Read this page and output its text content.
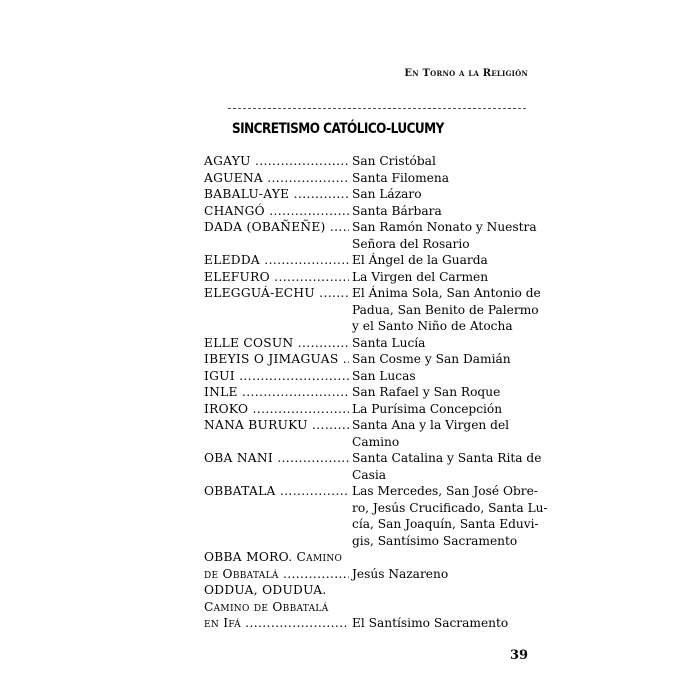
En Torno a la Religión
SINCRETISMO CATÓLICO-LUCUMY
AGAYU .....	San Cristóbal
AGUENA .....	Santa Filomena
BABALU-AYE .....	San Lázaro
CHANGÓ .....	Santa Bárbara
DADA (OBAÑEÑE) .....	San Ramón Nonato y Nuestra
Señora del Rosario
ELEDDA .....	El Ángel de la Guarda
ELEFURO .....	La Virgen del Carmen
ELEGGUÁ-ECHU .....	El Ánima Sola, San Antonio de
Padua, San Benito de Palermo
y el Santo Niño de Atocha
ELLE COSUN .....	Santa Lucía
IBEYIS O JIMAGUAS .....	San Cosme y San Damián
IGUI .....	San Lucas
INLE .....	San Rafael y San Roque
IROKO .....	La Purísima Concepción
NANA BURUKU .....	Santa Ana y la Virgen del
Camino
OBA NANI .....	Santa Catalina y Santa Rita de
Casia
OBBATALA .....	Las Mercedes, San José Obre-
ro, Jesús Crucificado, Santa Lu-
cía, San Joaquín, Santa Eduvi-
gis, Santísimo Sacramento
OBBA MORO. Camino
de Obbatalá .....	Jesús Nazareno
ODDUA, ODUDUA.
Camino de Obbatalá
en Ifá .....	El Santísimo Sacramento
39
